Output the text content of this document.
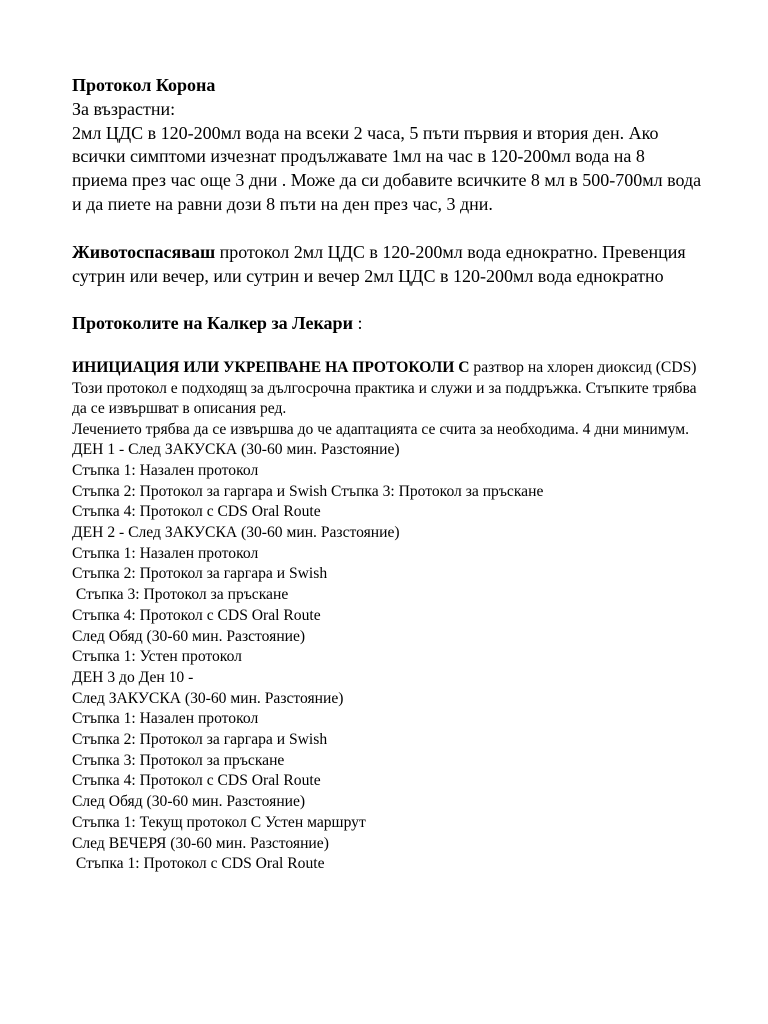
Протокол Корона

За възрастни:

2мл ЦДС в 120-200мл вода на всеки 2 часа, 5 пъти първия и втория ден. Ако всички симптоми изчезнат продължавате 1мл на час в 120-200мл вода на 8 приема през час още 3 дни . Може да си добавите всичките 8 мл в 500-700мл вода и да пиете на равни дози 8 пъти на ден през час, 3 дни.

Животоспасяваш протокол 2мл ЦДС в 120-200мл вода еднократно. Превенция сутрин или вечер, или сутрин и вечер 2мл ЦДС в 120-200мл вода еднократно

Протоколите на Калкер за Лекари :

ИНИЦИАЦИЯ ИЛИ УКРЕПВАНЕ НА ПРОТОКОЛИ С разтвор на хлорен диоксид (CDS) Този протокол е подходящ за дългосрочна практика и служи и за поддръжка. Стъпките трябва да се извършват в описания ред.
Лечението трябва да се извършва до че адаптацията се счита за необходима. 4 дни минимум.
ДЕН 1 - След ЗАКУСКА (30-60 мин. Разстояние)
Стъпка 1: Назален протокол
Стъпка 2: Протокол за гаргара и Swish Стъпка 3: Протокол за пръскане
Стъпка 4: Протокол с CDS Oral Route
ДЕН 2 - След ЗАКУСКА (30-60 мин. Разстояние)
Стъпка 1: Назален протокол
Стъпка 2: Протокол за гаргара и Swish
Стъпка 3: Протокол за пръскане
Стъпка 4: Протокол с CDS Oral Route
След Обяд (30-60 мин. Разстояние)
Стъпка 1: Устен протокол
ДЕН 3 до Ден 10 -
След ЗАКУСКА (30-60 мин. Разстояние)
Стъпка 1: Назален протокол
Стъпка 2: Протокол за гаргара и Swish
Стъпка 3: Протокол за пръскане
Стъпка 4: Протокол с CDS Oral Route
След Обяд (30-60 мин. Разстояние)
Стъпка 1: Текущ протокол С Устен маршрут
След ВЕЧЕРЯ (30-60 мин. Разстояние)
Стъпка 1: Протокол с CDS Oral Route
